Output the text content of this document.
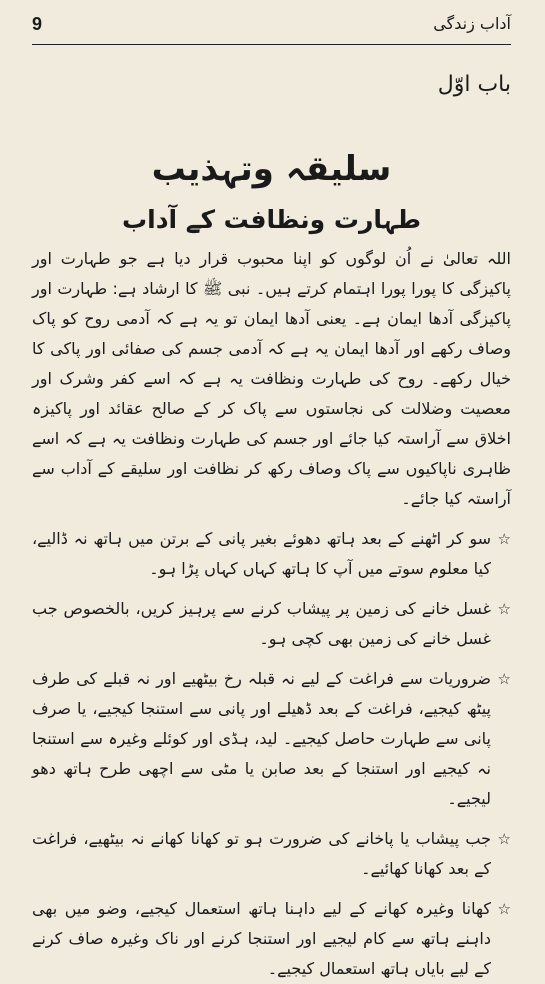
9	آداب زندگی
باب اوّل
سلیقہ وتہذیب
طہارت ونظافت کے آداب

اللہ تعالیٰ نے اُن لوگوں کو اپنا محبوب قرار دیا ہے جو طہارت اور پاکیزگی کا پورا پورا اہتمام کرتے ہیں۔ نبی ﷺ کا ارشاد ہے: طہارت اور پاکیزگی آدھا ایمان ہے۔ یعنی آدھا ایمان تو یہ ہے کہ آدمی روح کو پاک وصاف رکھے اور آدھا ایمان یہ ہے کہ آدمی جسم کی صفائی اور پاکی کا خیال رکھے۔ روح کی طہارت ونظافت یہ ہے کہ اسے کفر وشرک اور معصیت وضلالت کی نجاستوں سے پاک کر کے صالح عقائد اور پاکیزہ اخلاق سے آراستہ کیا جائے اور جسم کی طہارت ونظافت یہ ہے کہ اسے ظاہری ناپاکیوں سے پاک وصاف رکھ کر نظافت اور سلیقے کے آداب سے آراستہ کیا جائے۔

☆
سو کر اٹھنے کے بعد ہاتھ دھوئے بغیر پانی کے برتن میں ہاتھ نہ ڈالیے، کیا معلوم سوتے میں آپ کا ہاتھ کہاں کہاں پڑا ہو۔
☆
غسل خانے کی زمین پر پیشاب کرنے سے پرہیز کریں، بالخصوص جب غسل خانے کی زمین بھی کچی ہو۔
☆
ضروریات سے فراغت کے لیے نہ قبلہ رخ بیٹھیے اور نہ قبلے کی طرف پیٹھ کیجیے، فراغت کے بعد ڈھیلے اور پانی سے استنجا کیجیے، یا صرف پانی سے طہارت حاصل کیجیے۔ لید، ہڈی اور کوئلے وغیرہ سے استنجا نہ کیجیے اور استنجا کے بعد صابن یا مٹی سے اچھی طرح ہاتھ دھو لیجیے۔
☆
جب پیشاب یا پاخانے کی ضرورت ہو تو کھانا کھانے نہ بیٹھیے، فراغت کے بعد کھانا کھائیے۔
☆
کھانا وغیرہ کھانے کے لیے داہنا ہاتھ استعمال کیجیے، وضو میں بھی داہنے ہاتھ سے کام لیجیے اور استنجا کرنے اور ناک وغیرہ صاف کرنے کے لیے بایاں ہاتھ استعمال کیجیے۔
